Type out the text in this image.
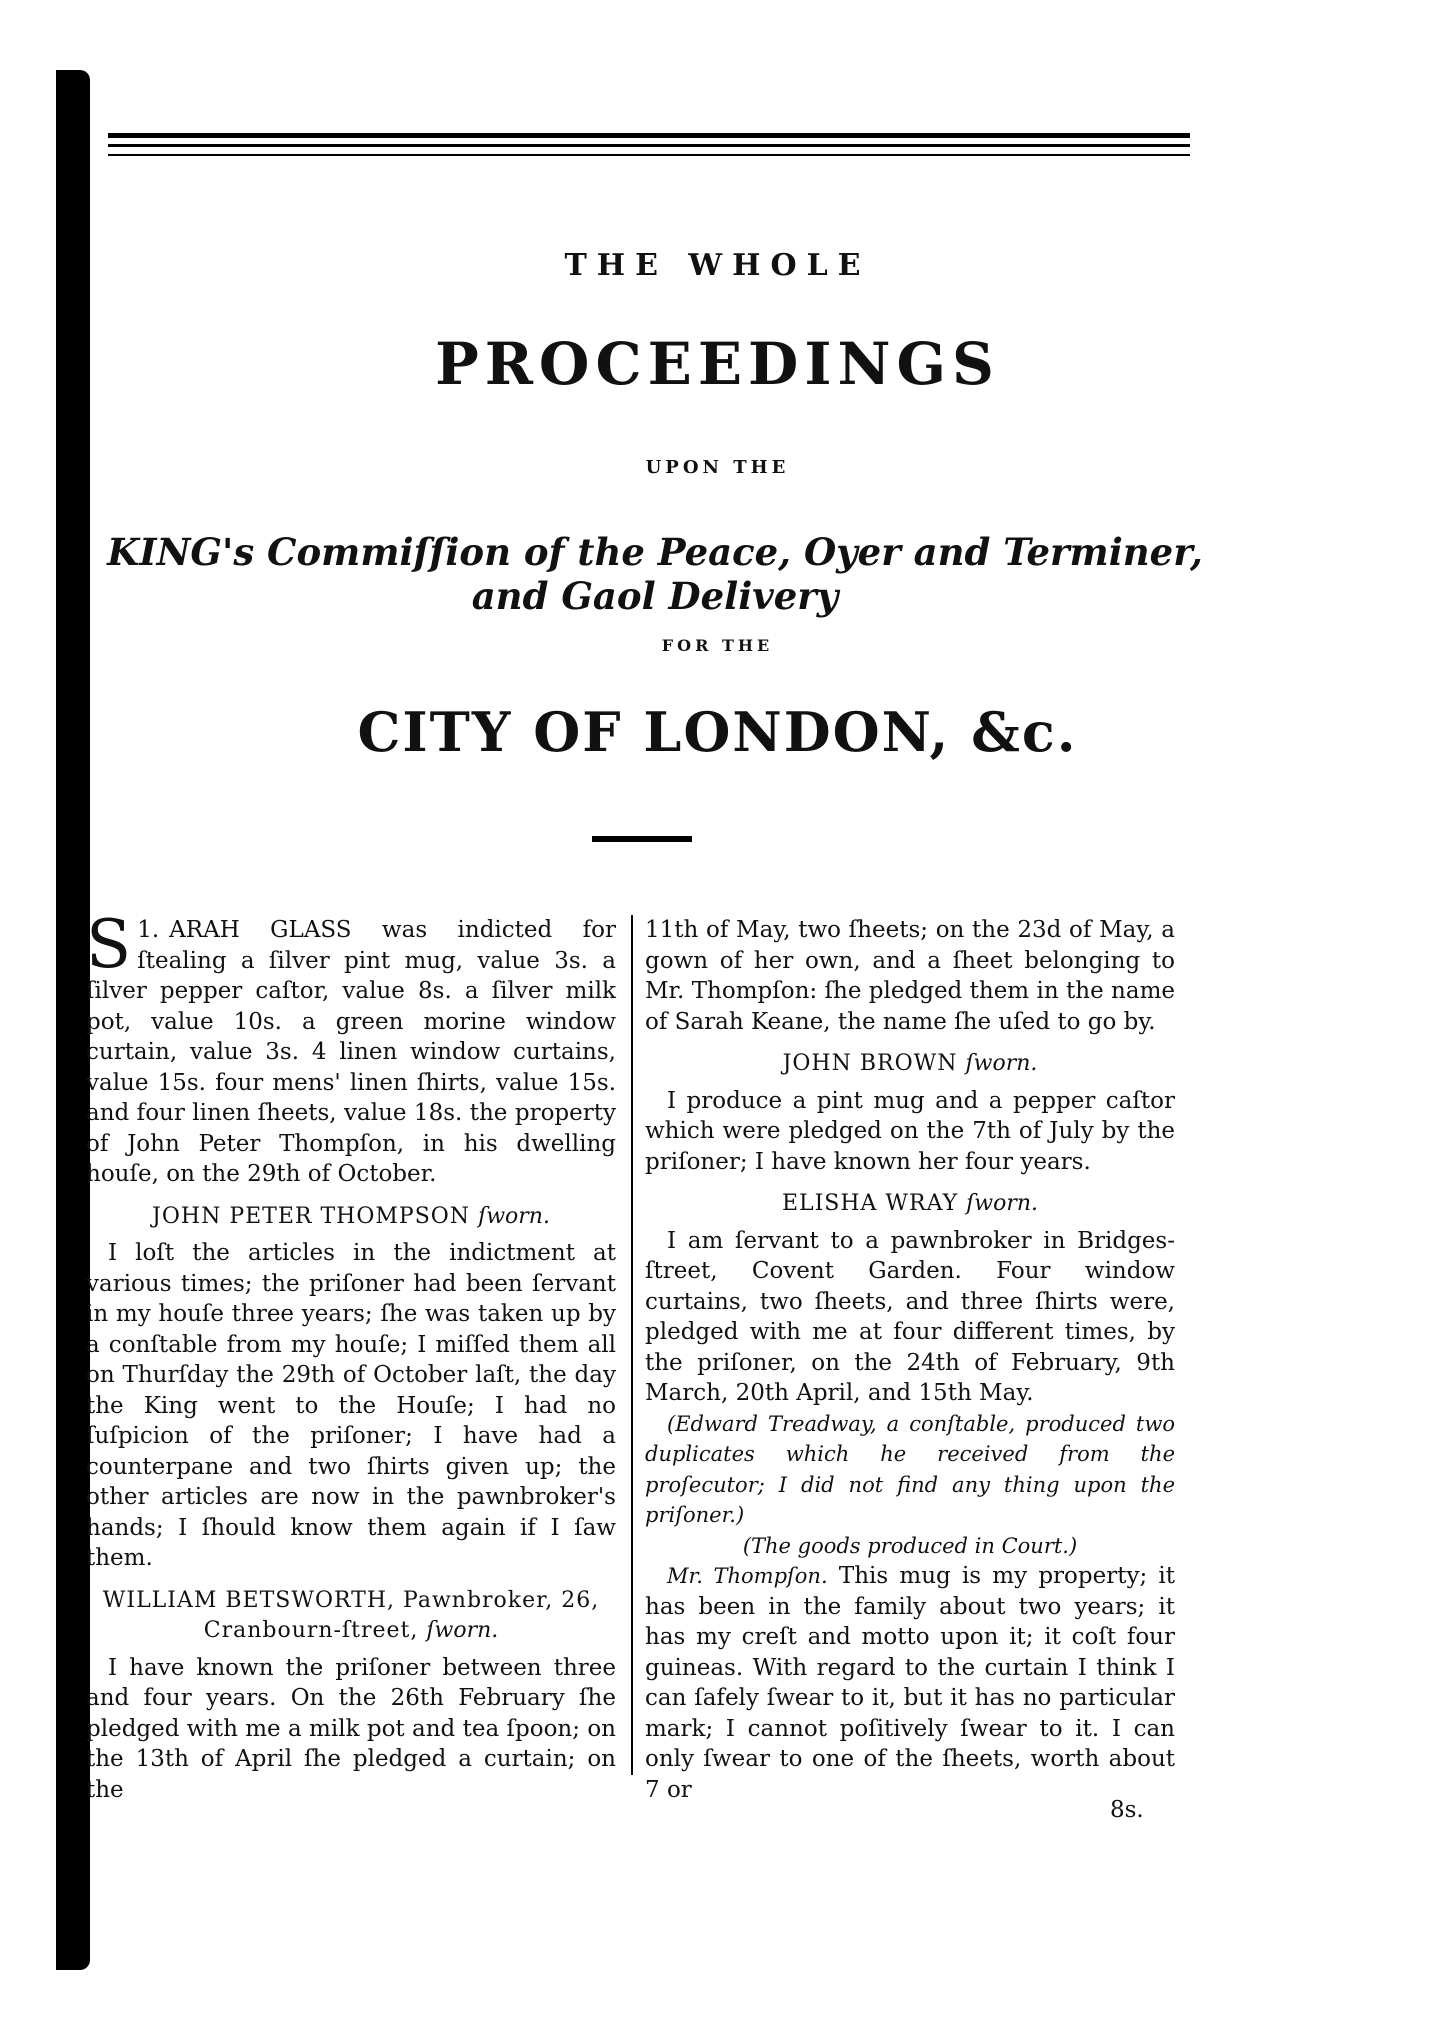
THE WHOLE
PROCEEDINGS
UPON THE
KING's Commiſſion of the Peace, Oyer and Terminer, and Gaol Delivery
FOR THE
CITY OF LONDON, &c.

1.
S ARAH GLASS was indicted for ſtealing a ſilver pint mug, value 3s. a ſilver pepper caſtor, value 8s. a ſilver milk pot, value 10s. a green morine window curtain, value 3s. 4 linen window curtains, value 15s. four mens' linen ſhirts, value 15s. and four linen ſheets, value 18s. the property of John Peter Thompſon, in his dwelling houſe, on the 29th of October.

JOHN PETER THOMPSON ſworn.

I loſt the articles in the indictment at various times; the priſoner had been ſervant in my houſe three years; ſhe was taken up by a conſtable from my houſe; I miſſed them all on Thurſday the 29th of October laſt, the day the King went to the Houſe; I had no ſuſpicion of the priſoner; I have had a counterpane and two ſhirts given up; the other articles are now in the pawnbroker's hands; I ſhould know them again if I ſaw them.

WILLIAM BETSWORTH, Pawnbroker, 26, Cranbourn-ſtreet, ſworn.

I have known the priſoner between three and four years. On the 26th February ſhe pledged with me a milk pot and tea ſpoon; on the 13th of April ſhe pledged a curtain; on the

11th of May, two ſheets; on the 23d of May, a gown of her own, and a ſheet belonging to Mr. Thompſon: ſhe pledged them in the name of Sarah Keane, the name ſhe uſed to go by.

JOHN BROWN ſworn.

I produce a pint mug and a pepper caſtor which were pledged on the 7th of July by the priſoner; I have known her four years.

ELISHA WRAY ſworn.

I am ſervant to a pawnbroker in Bridges-ſtreet, Covent Garden. Four window curtains, two ſheets, and three ſhirts were, pledged with me at four different times, by the priſoner, on the 24th of February, 9th March, 20th April, and 15th May.

(Edward Treadway, a conſtable, produced two duplicates which he received from the proſecutor; I did not find any thing upon the priſoner.)

(The goods produced in Court.)

Mr. Thompſon. This mug is my property; it has been in the family about two years; it has my creſt and motto upon it; it coſt four guineas. With regard to the curtain I think I can ſafely ſwear to it, but it has no particular mark; I cannot poſitively ſwear to it. I can only ſwear to one of the ſheets, worth about 7 or

8s.
